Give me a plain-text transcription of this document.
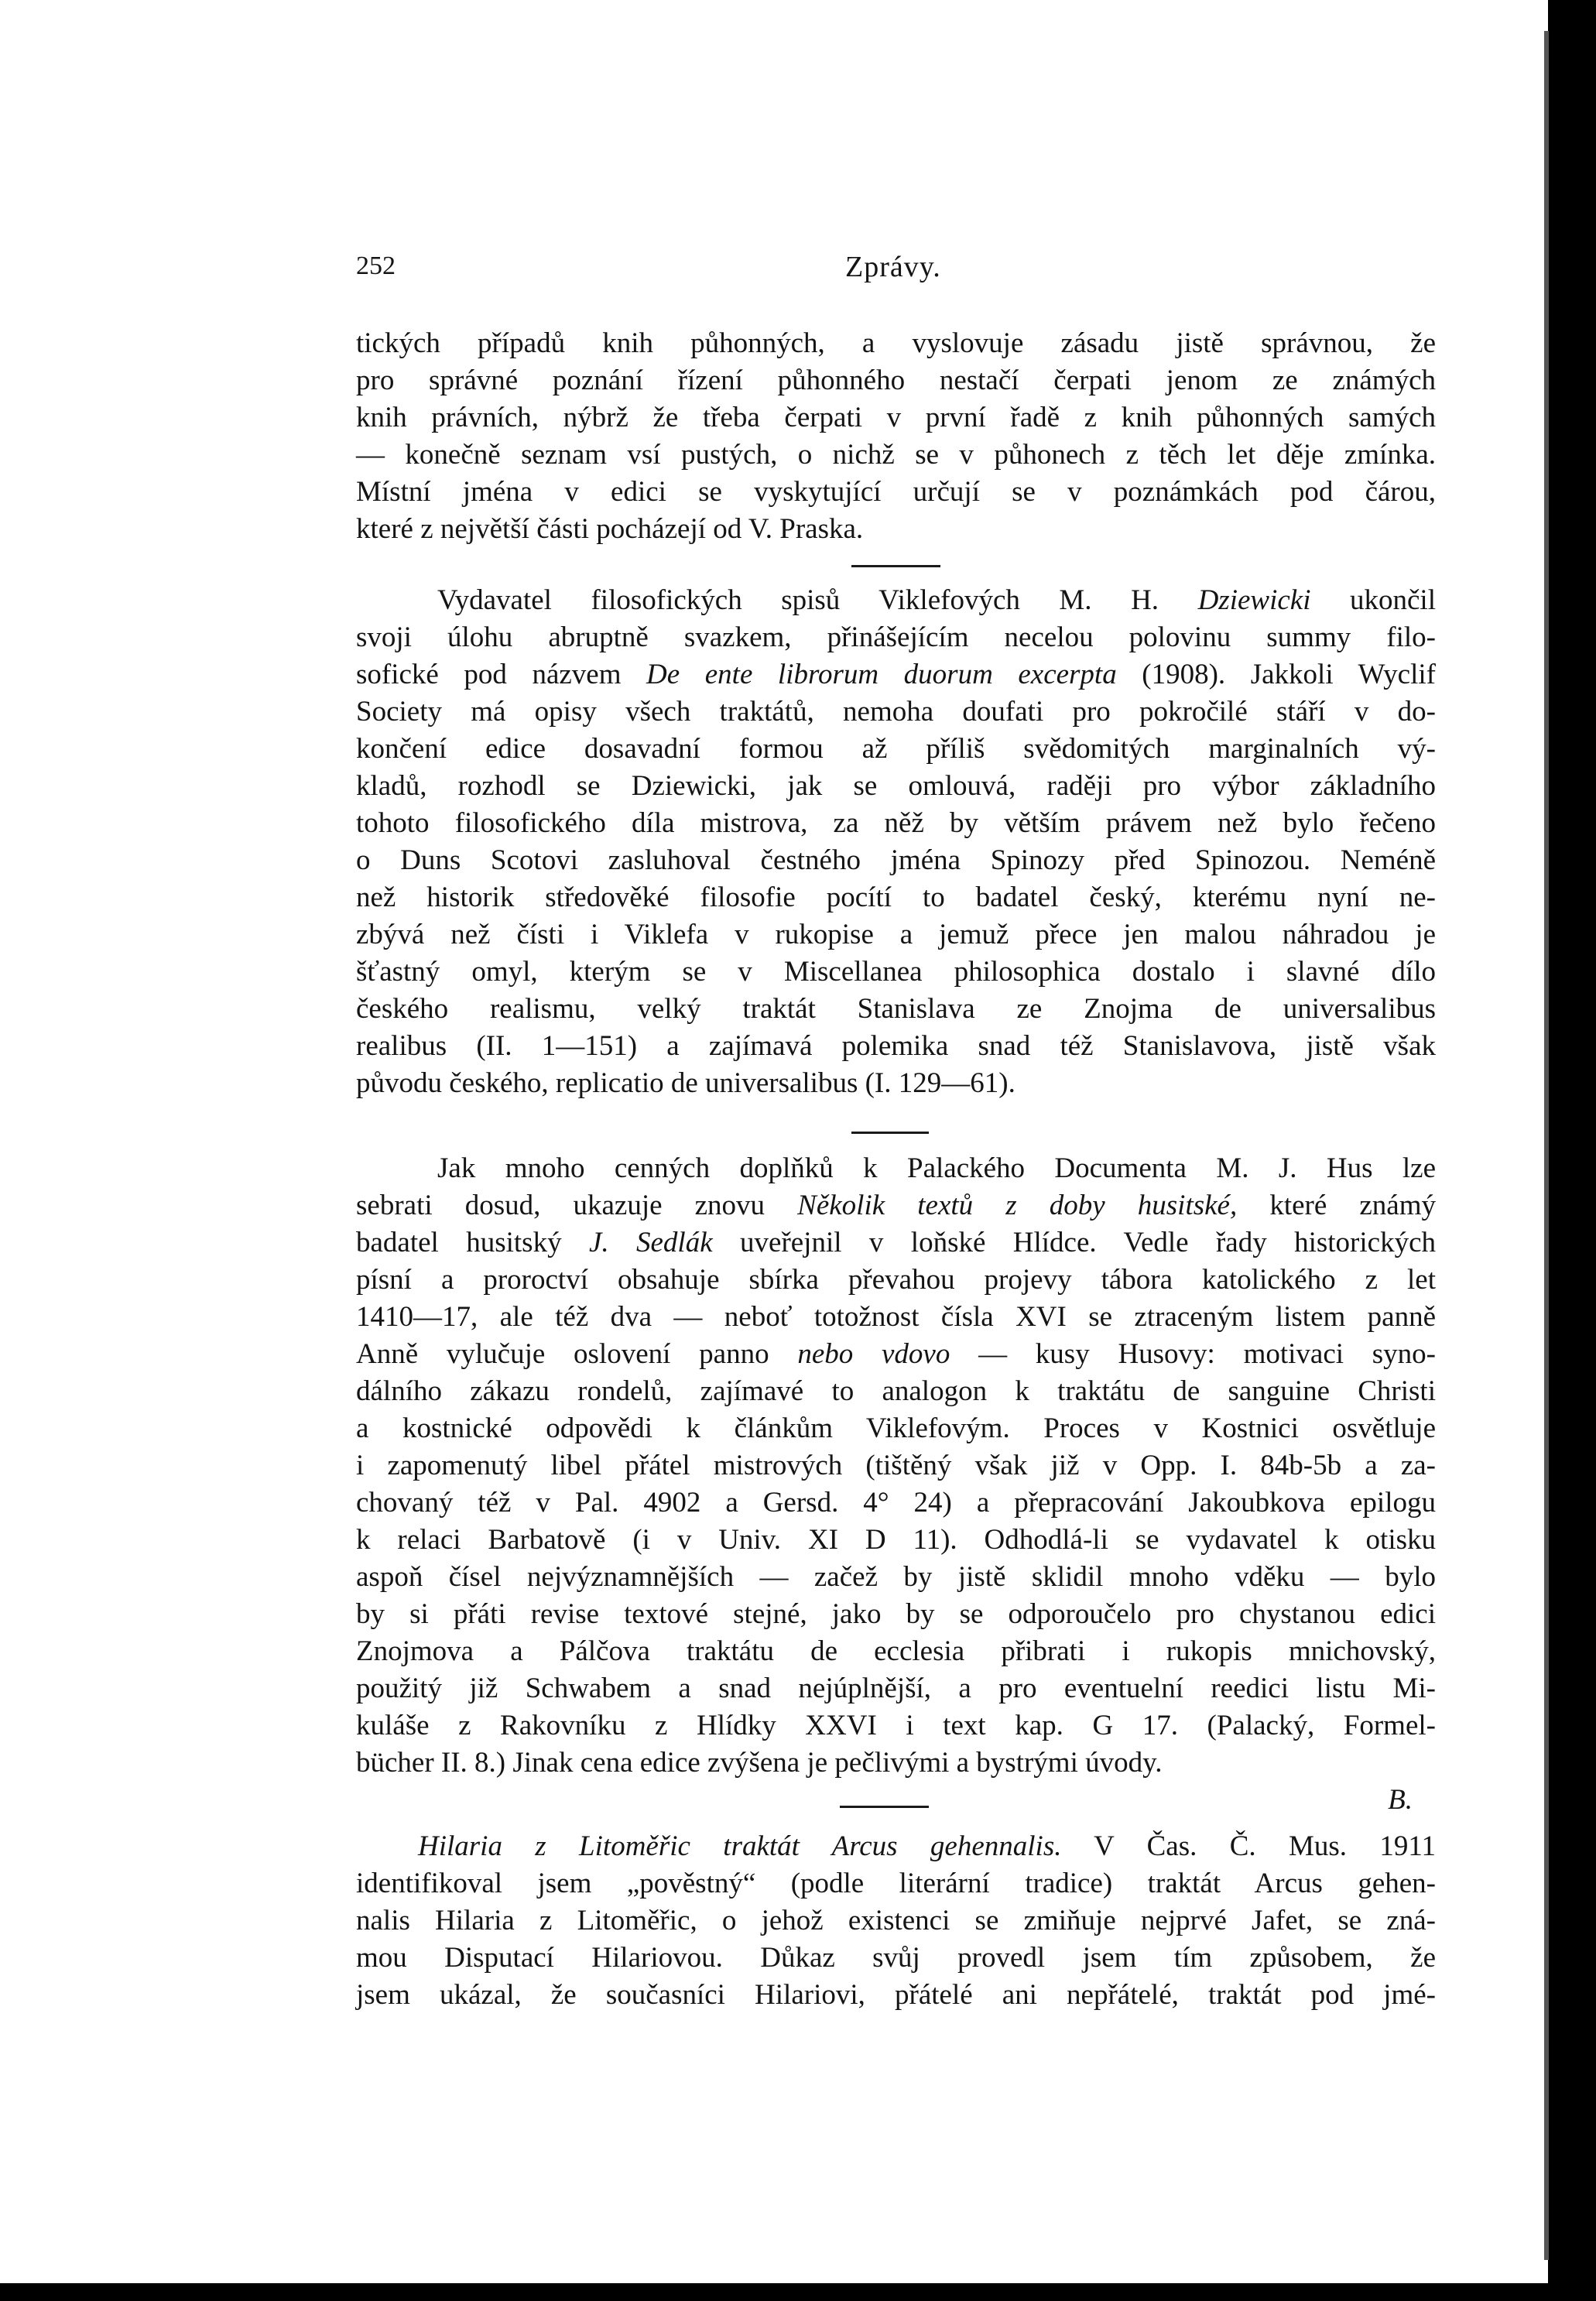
252	Zprávy.
tických případů knih půhonných, a vyslovuje zásadu jistě správnou, že
pro správné poznání řízení půhonného nestačí čerpati jenom ze známých
knih právních, nýbrž že třeba čerpati v první řadě z knih půhonných samých
— konečně seznam vsí pustých, o nichž se v půhonech z těch let děje zmínka.
Místní jména v edici se vyskytující určují se v poznámkách pod čárou,
které z největší části pocházejí od V. Praska.
Vydavatel filosofických spisů Viklefových M. H. Dziewicki ukončil
svoji úlohu abruptně svazkem, přinášejícím necelou polovinu summy filo-
sofické pod názvem De ente librorum duorum excerpta (1908). Jakkoli Wyclif
Society má opisy všech traktátů, nemoha doufati pro pokročilé stáří v do-
končení edice dosavadní formou až příliš svědomitých marginalních vý-
kladů, rozhodl se Dziewicki, jak se omlouvá, raději pro výbor základního
tohoto filosofického díla mistrova, za něž by větším právem než bylo řečeno
o Duns Scotovi zasluhoval čestného jména Spinozy před Spinozou. Neméně
než historik středověké filosofie pocítí to badatel český, kterému nyní ne-
zbývá než čísti i Viklefa v rukopise a jemuž přece jen malou náhradou je
šťastný omyl, kterým se v Miscellanea philosophica dostalo i slavné dílo
českého realismu, velký traktát Stanislava ze Znojma de universalibus
realibus (II. 1—151) a zajímavá polemika snad též Stanislavova, jistě však
původu českého, replicatio de universalibus (I. 129—61).
Jak mnoho cenných doplňků k Palackého Documenta M. J. Hus lze
sebrati dosud, ukazuje znovu Několik textů z doby husitské, které známý
badatel husitský J. Sedlák uveřejnil v loňské Hlídce. Vedle řady historických
písní a proroctví obsahuje sbírka převahou projevy tábora katolického z let
1410—17, ale též dva — neboť totožnost čísla XVI se ztraceným listem panně
Anně vylučuje oslovení panno nebo vdovo — kusy Husovy: motivaci syno-
dálního zákazu rondelů, zajímavé to analogon k traktátu de sanguine Christi
a kostnické odpovědi k článkům Viklefovým. Proces v Kostnici osvětluje
i zapomenutý libel přátel mistrových (tištěný však již v Opp. I. 84b-5b a za-
chovaný též v Pal. 4902 a Gersd. 4° 24) a přepracování Jakoubkova epilogu
k relaci Barbatově (i v Univ. XI D 11). Odhodlá-li se vydavatel k otisku
aspoň čísel nejvýznamnějších — začež by jistě sklidil mnoho vděku — bylo
by si přáti revise textové stejné, jako by se odporoučelo pro chystanou edici
Znojmova a Pálčova traktátu de ecclesia přibrati i rukopis mnichovský,
použitý již Schwabem a snad nejúplnější, a pro eventuelní reedici listu Mi-
kuláše z Rakovníku z Hlídky XXVI i text kap. G 17. (Palacký, Formel-
bücher II. 8.) Jinak cena edice zvýšena je pečlivými a bystrými úvody.
B.
Hilaria z Litoměřic traktát Arcus gehennalis. V Čas. Č. Mus. 1911
identifikoval jsem „pověstný“ (podle literární tradice) traktát Arcus gehen-
nalis Hilaria z Litoměřic, o jehož existenci se zmiňuje nejprvé Jafet, se zná-
mou Disputací Hilariovou. Důkaz svůj provedl jsem tím způsobem, že
jsem ukázal, že současníci Hilariovi, přátelé ani nepřátelé, traktát pod jmé-
